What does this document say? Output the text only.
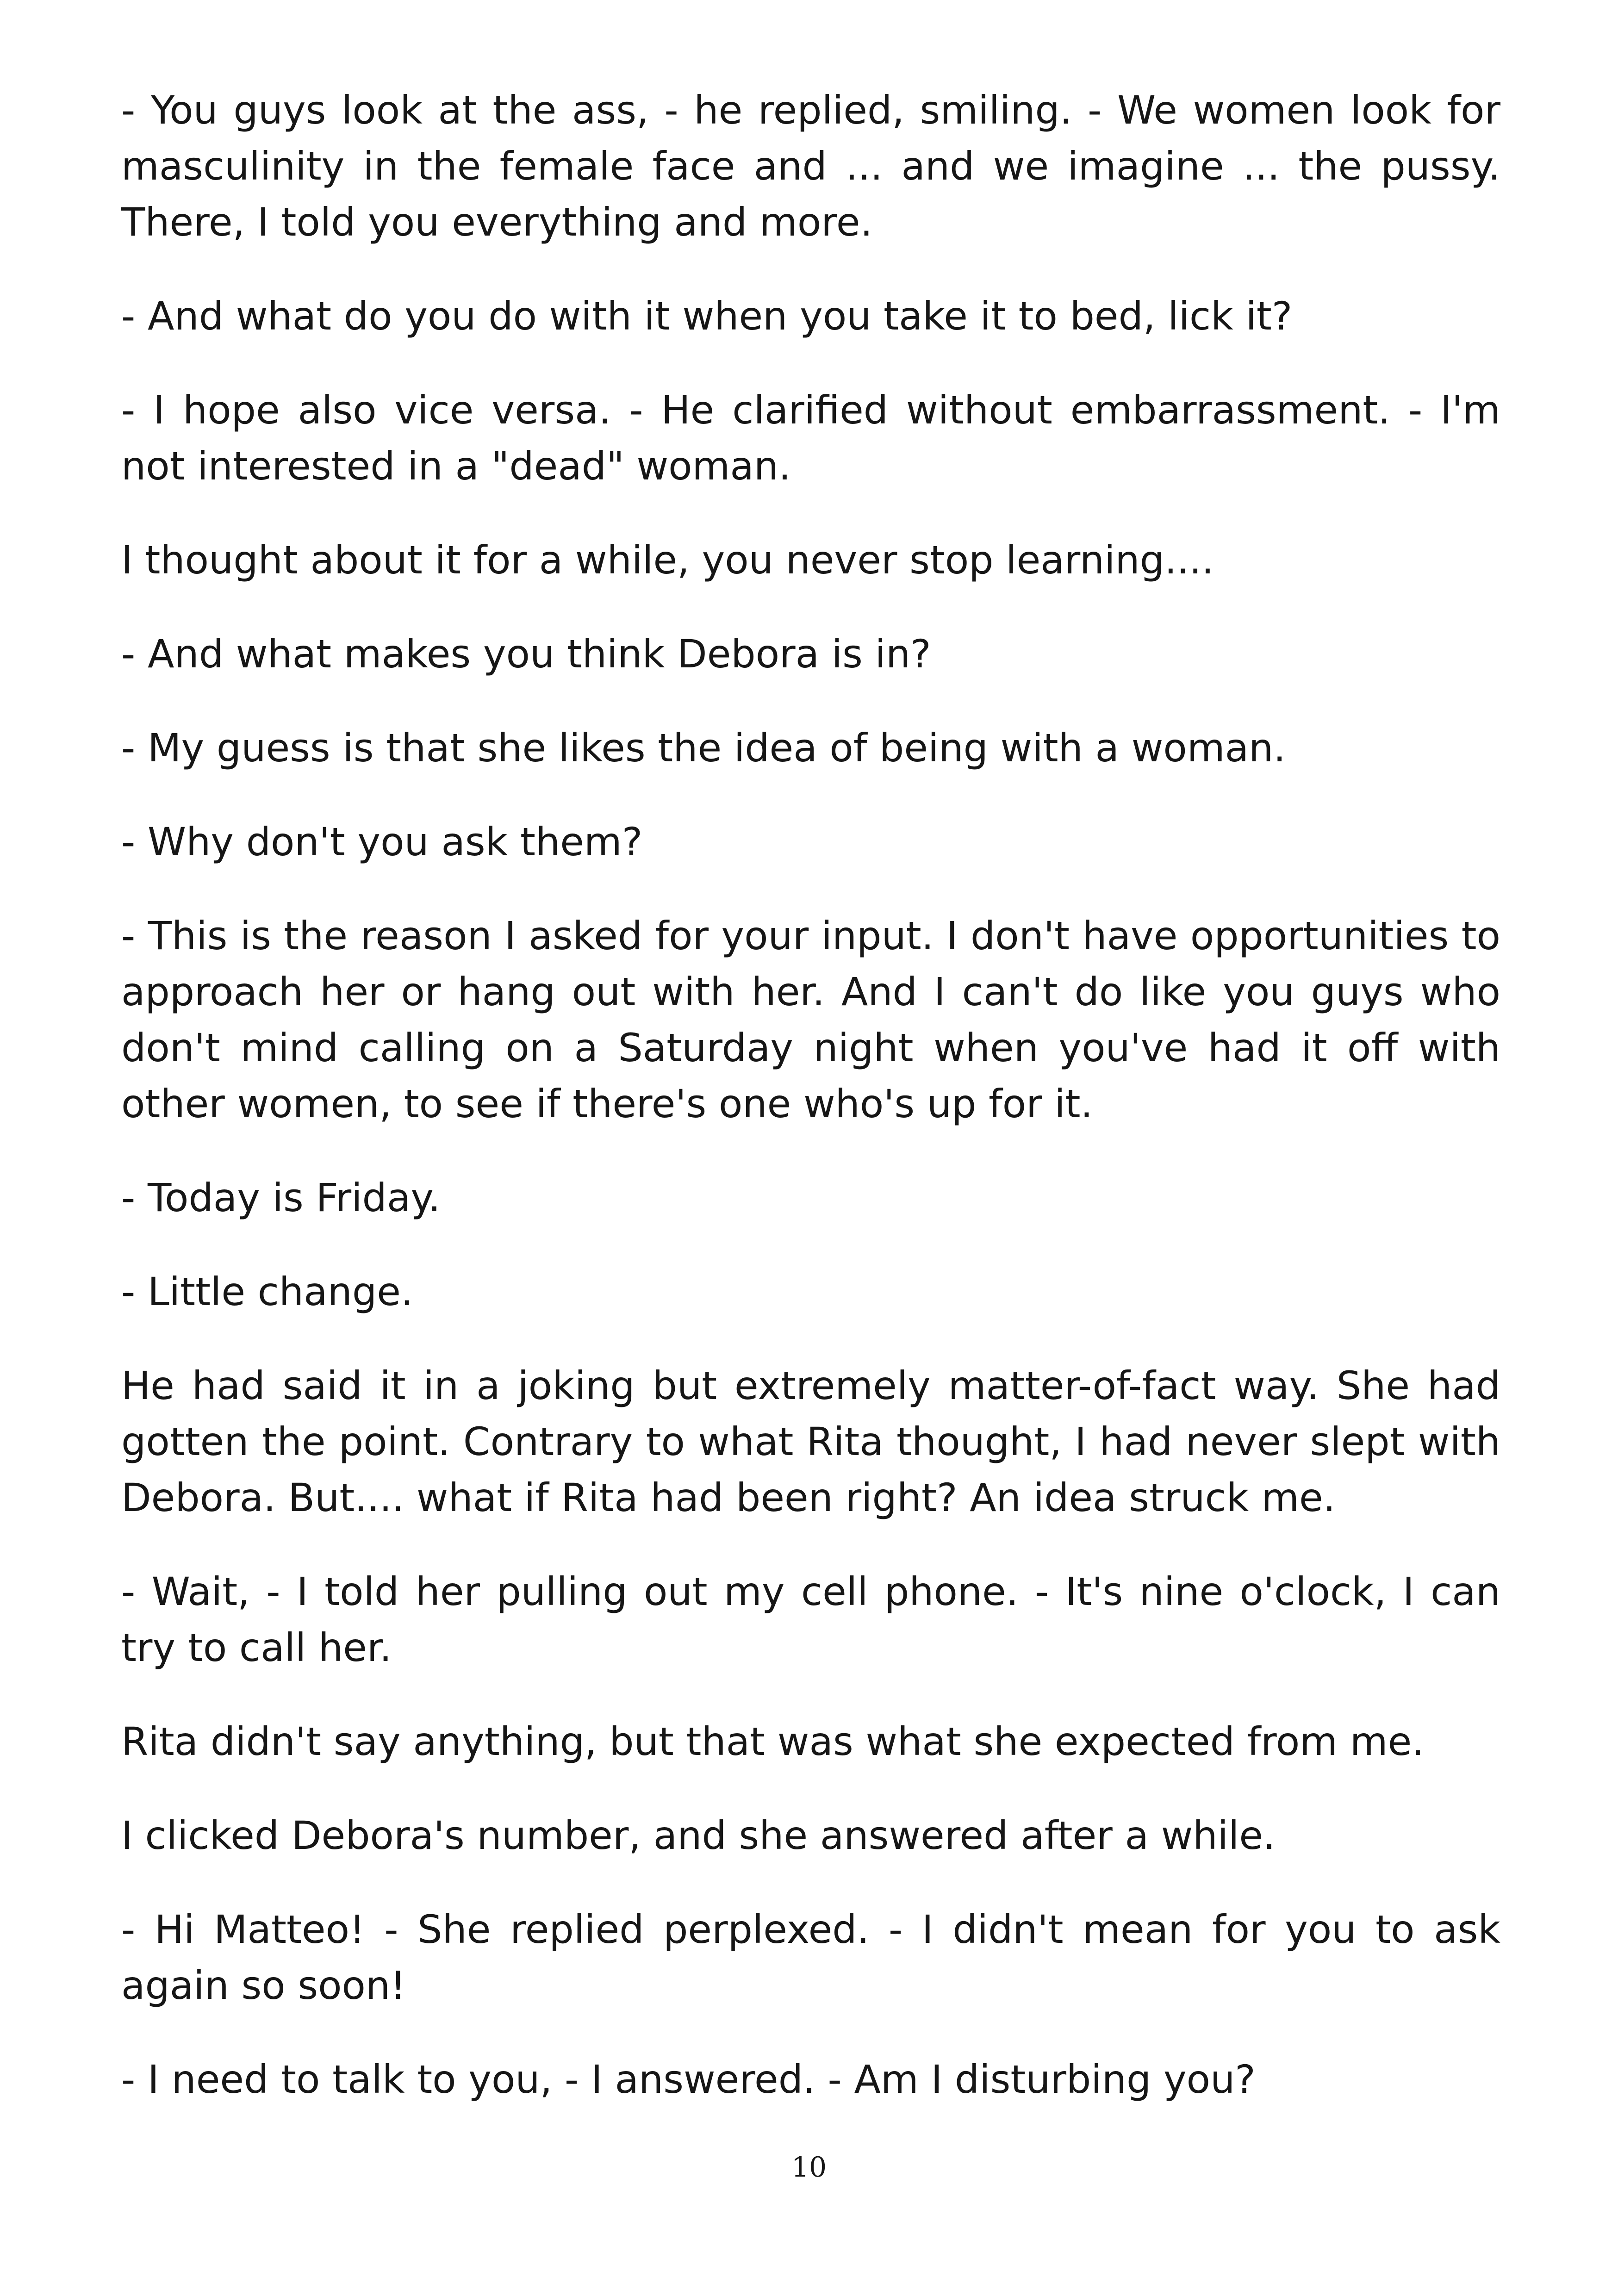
- You guys look at the ass, - he replied, smiling. - We women look for masculinity in the female face and ... and we imagine ... the pussy. There, I told you everything and more.

- And what do you do with it when you take it to bed, lick it?

- I hope also vice versa. - He clarified without embarrassment. - I'm not interested in a "dead" woman.

I thought about it for a while, you never stop learning....

- And what makes you think Debora is in?

- My guess is that she likes the idea of being with a woman.

- Why don't you ask them?

- This is the reason I asked for your input. I don't have opportunities to approach her or hang out with her. And I can't do like you guys who don't mind calling on a Saturday night when you've had it off with other women, to see if there's one who's up for it.

- Today is Friday.

- Little change.

He had said it in a joking but extremely matter-of-fact way. She had gotten the point. Contrary to what Rita thought, I had never slept with Debora. But.... what if Rita had been right? An idea struck me.

- Wait, - I told her pulling out my cell phone. - It's nine o'clock, I can try to call her.

Rita didn't say anything, but that was what she expected from me.

I clicked Debora's number, and she answered after a while.

- Hi Matteo! - She replied perplexed. - I didn't mean for you to ask again so soon!

- I need to talk to you, - I answered. - Am I disturbing you?

10
